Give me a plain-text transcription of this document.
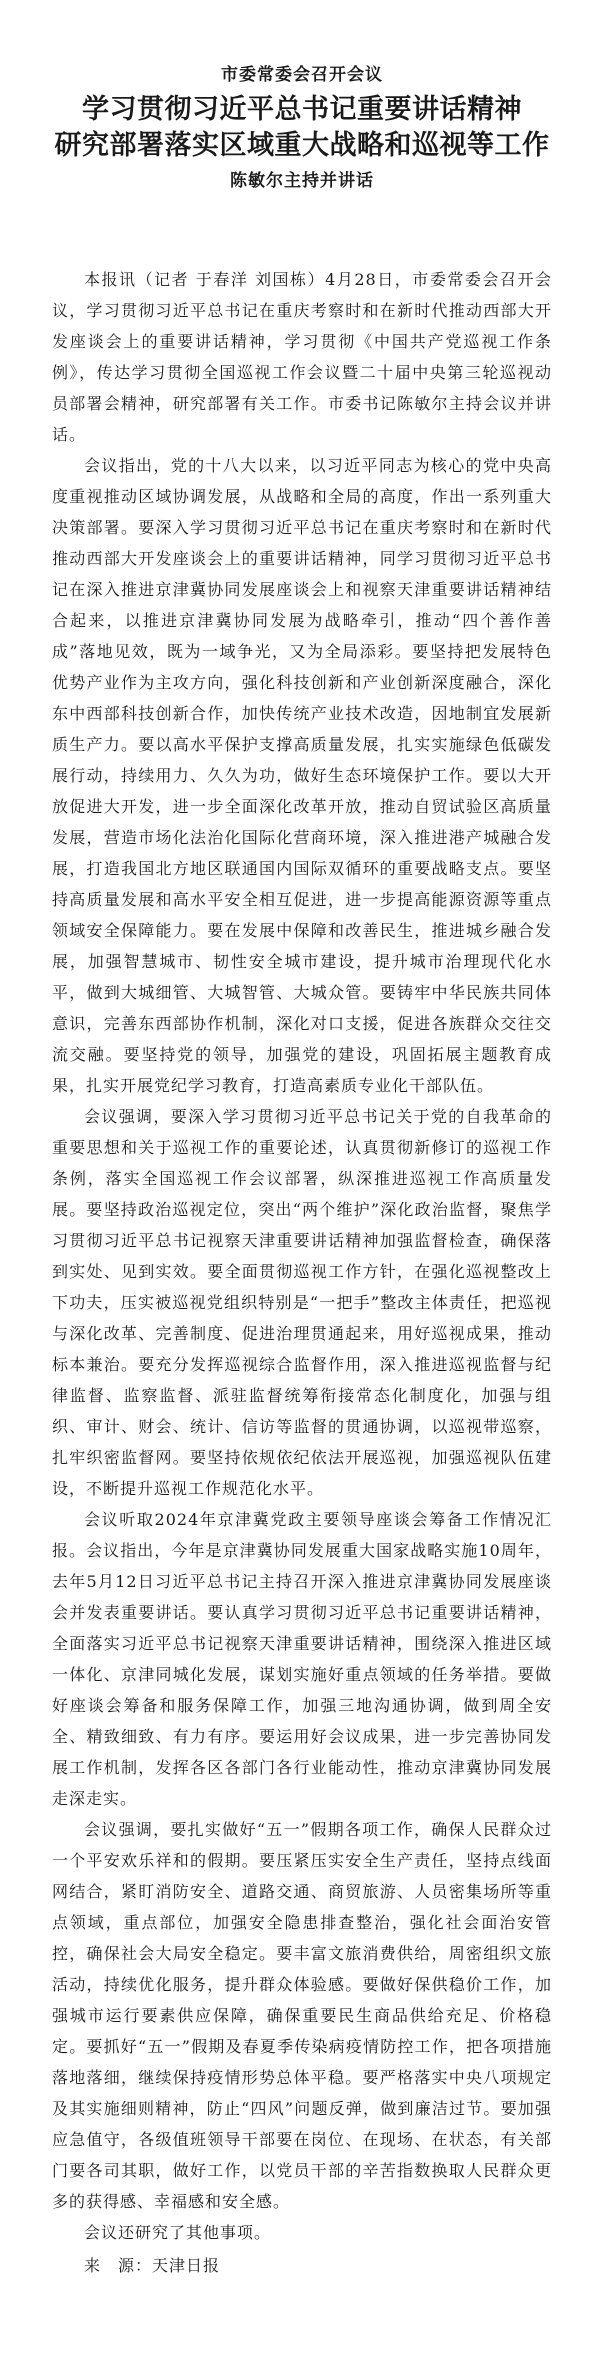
市委常委会召开会议
学习贯彻习近平总书记重要讲话精神
研究部署落实区域重大战略和巡视等工作
陈敏尔主持并讲话

本报讯（记者 于春洋 刘国栋）4月28日，市委常委会召开会议，学习贯彻习近平总书记在重庆考察时和在新时代推动西部大开发座谈会上的重要讲话精神，学习贯彻《中国共产党巡视工作条例》，传达学习贯彻全国巡视工作会议暨二十届中央第三轮巡视动员部署会精神，研究部署有关工作。市委书记陈敏尔主持会议并讲话。

会议指出，党的十八大以来，以习近平同志为核心的党中央高度重视推动区域协调发展，从战略和全局的高度，作出一系列重大决策部署。要深入学习贯彻习近平总书记在重庆考察时和在新时代推动西部大开发座谈会上的重要讲话精神，同学习贯彻习近平总书记在深入推进京津冀协同发展座谈会上和视察天津重要讲话精神结合起来，以推进京津冀协同发展为战略牵引，推动“四个善作善成”落地见效，既为一域争光，又为全局添彩。要坚持把发展特色优势产业作为主攻方向，强化科技创新和产业创新深度融合，深化东中西部科技创新合作，加快传统产业技术改造，因地制宜发展新质生产力。要以高水平保护支撑高质量发展，扎实实施绿色低碳发展行动，持续用力、久久为功，做好生态环境保护工作。要以大开放促进大开发，进一步全面深化改革开放，推动自贸试验区高质量发展，营造市场化法治化国际化营商环境，深入推进港产城融合发展，打造我国北方地区联通国内国际双循环的重要战略支点。要坚持高质量发展和高水平安全相互促进，进一步提高能源资源等重点领域安全保障能力。要在发展中保障和改善民生，推进城乡融合发展，加强智慧城市、韧性安全城市建设，提升城市治理现代化水平，做到大城细管、大城智管、大城众管。要铸牢中华民族共同体意识，完善东西部协作机制，深化对口支援，促进各族群众交往交流交融。要坚持党的领导，加强党的建设，巩固拓展主题教育成果，扎实开展党纪学习教育，打造高素质专业化干部队伍。

会议强调，要深入学习贯彻习近平总书记关于党的自我革命的重要思想和关于巡视工作的重要论述，认真贯彻新修订的巡视工作条例，落实全国巡视工作会议部署，纵深推进巡视工作高质量发展。要坚持政治巡视定位，突出“两个维护”深化政治监督，聚焦学习贯彻习近平总书记视察天津重要讲话精神加强监督检查，确保落到实处、见到实效。要全面贯彻巡视工作方针，在强化巡视整改上下功夫，压实被巡视党组织特别是“一把手”整改主体责任，把巡视与深化改革、完善制度、促进治理贯通起来，用好巡视成果，推动标本兼治。要充分发挥巡视综合监督作用，深入推进巡视监督与纪律监督、监察监督、派驻监督统筹衔接常态化制度化，加强与组织、审计、财会、统计、信访等监督的贯通协调，以巡视带巡察，扎牢织密监督网。要坚持依规依纪依法开展巡视，加强巡视队伍建设，不断提升巡视工作规范化水平。

会议听取2024年京津冀党政主要领导座谈会筹备工作情况汇报。会议指出，今年是京津冀协同发展重大国家战略实施10周年，去年5月12日习近平总书记主持召开深入推进京津冀协同发展座谈会并发表重要讲话。要认真学习贯彻习近平总书记重要讲话精神，全面落实习近平总书记视察天津重要讲话精神，围绕深入推进区域一体化、京津同城化发展，谋划实施好重点领域的任务举措。要做好座谈会筹备和服务保障工作，加强三地沟通协调，做到周全安全、精致细致、有力有序。要运用好会议成果，进一步完善协同发展工作机制，发挥各区各部门各行业能动性，推动京津冀协同发展走深走实。

会议强调，要扎实做好“五一”假期各项工作，确保人民群众过一个平安欢乐祥和的假期。要压紧压实安全生产责任，坚持点线面网结合，紧盯消防安全、道路交通、商贸旅游、人员密集场所等重点领域，重点部位，加强安全隐患排查整治，强化社会面治安管控，确保社会大局安全稳定。要丰富文旅消费供给，周密组织文旅活动，持续优化服务，提升群众体验感。要做好保供稳价工作，加强城市运行要素供应保障，确保重要民生商品供给充足、价格稳定。要抓好“五一”假期及春夏季传染病疫情防控工作，把各项措施落地落细，继续保持疫情形势总体平稳。要严格落实中央八项规定及其实施细则精神，防止“四风”问题反弹，做到廉洁过节。要加强应急值守，各级值班领导干部要在岗位、在现场、在状态，有关部门要各司其职，做好工作，以党员干部的辛苦指数换取人民群众更多的获得感、幸福感和安全感。

会议还研究了其他事项。

来　源：天津日报
